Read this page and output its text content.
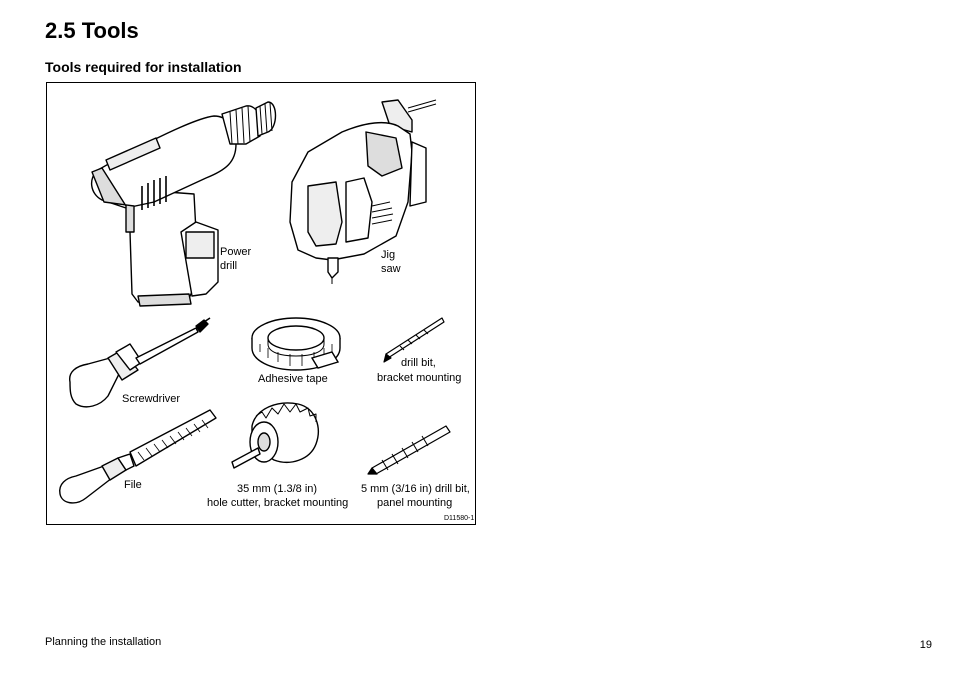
2.5 Tools
Tools required for installation
Power
drill
Jig
saw
Screwdriver
Adhesive tape
drill bit,
bracket mounting
File	35 mm (1.3/8 in)
hole cutter, bracket mounting
5 mm (3/16 in) drill bit,
panel mounting
D11580-1
Planning the installation	19
